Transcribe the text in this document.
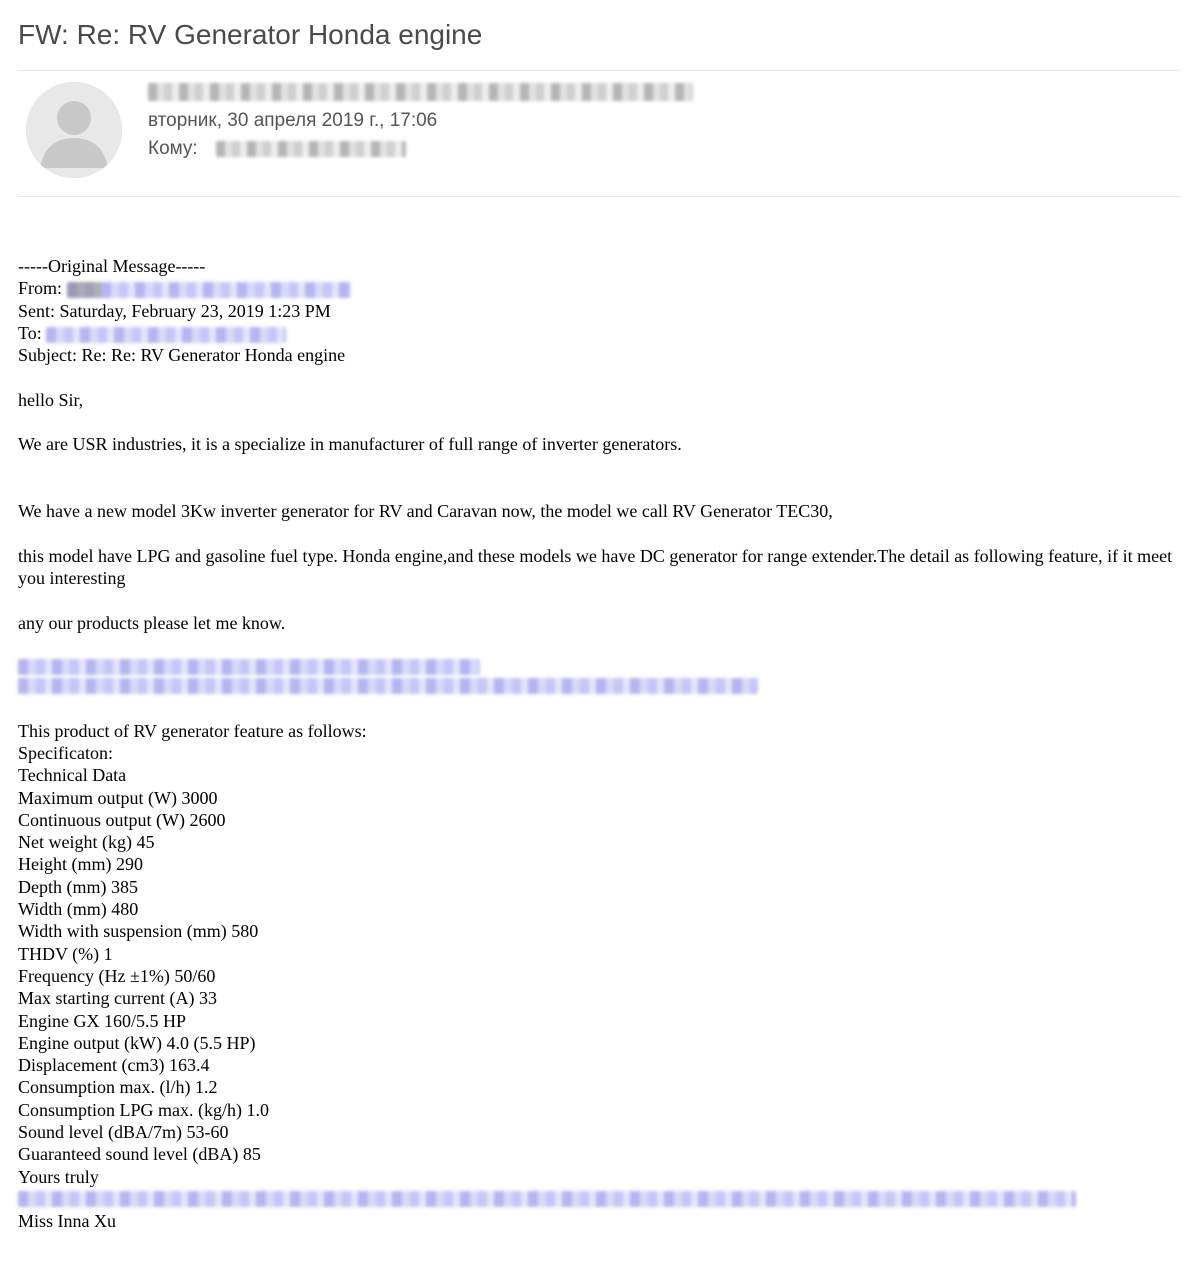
FW: Re: RV Generator Honda engine
вторник, 30 апреля 2019 г., 17:06
Кому:
-----Original Message-----
From:
Sent: Saturday, February 23, 2019 1:23 PM
To:
Subject: Re: Re: RV Generator Honda engine
hello Sir,
We are USR industries, it is a specialize in manufacturer of full range of inverter generators.
We have a new model 3Kw inverter generator for RV and Caravan now, the model we call RV Generator TEC30,
this model have LPG and gasoline fuel type. Honda engine,and these models we have DC generator for range extender.The detail as following feature, if it meet you interesting
any our products please let me know.
This product of RV generator feature as follows:
Specificaton:
Technical Data
Maximum output (W) 3000
Continuous output (W) 2600
Net weight (kg) 45
Height (mm) 290
Depth (mm) 385
Width (mm) 480
Width with suspension (mm) 580
THDV (%) 1
Frequency (Hz ±1%) 50/60
Max starting current (A) 33
Engine GX 160/5.5 HP
Engine output (kW) 4.0 (5.5 HP)
Displacement (cm3) 163.4
Consumption max. (l/h) 1.2
Consumption LPG max. (kg/h) 1.0
Sound level (dBA/7m) 53-60
Guaranteed sound level (dBA) 85
Yours truly
Miss Inna Xu
